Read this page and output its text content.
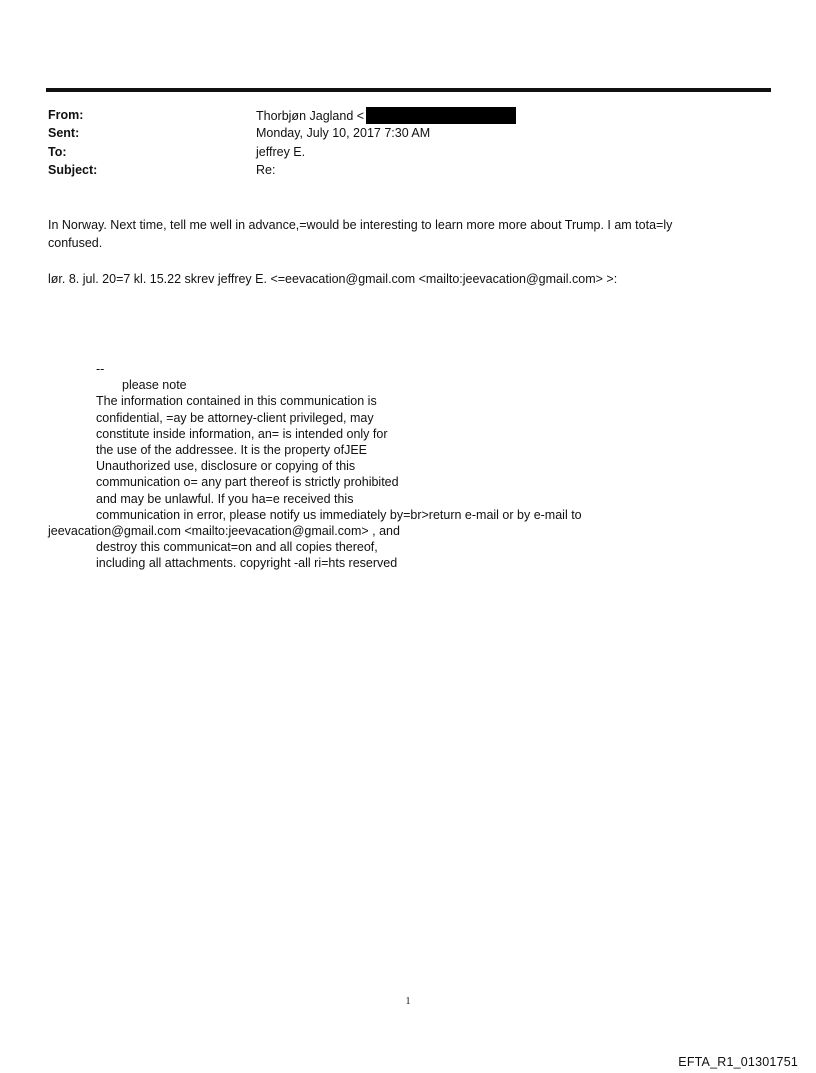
From:	Thorbjøn Jagland <
Sent:	Monday, July 10, 2017 7:30 AM
To:	jeffrey E.
Subject:	Re:
In Norway. Next time, tell me well in advance,=would be interesting to learn more more about Trump. I am tota=ly
confused.
lør. 8. jul. 20=7 kl. 15.22 skrev jeffrey E. <=eevacation@gmail.com <mailto:jeevacation@gmail.com> >:
--
please note
The information contained in this communication is
confidential, =ay be attorney-client privileged, may
constitute inside information, an= is intended only for
the use of the addressee. It is the property ofJEE
Unauthorized use, disclosure or copying of this
communication o= any part thereof is strictly prohibited
and may be unlawful. If you ha=e received this
communication in error, please notify us immediately by=br>return e-mail or by e-mail to
jeevacation@gmail.com <mailto:jeevacation@gmail.com> , and
destroy this communicat=on and all copies thereof,
including all attachments. copyright -all ri=hts reserved
1
EFTA_R1_01301751
